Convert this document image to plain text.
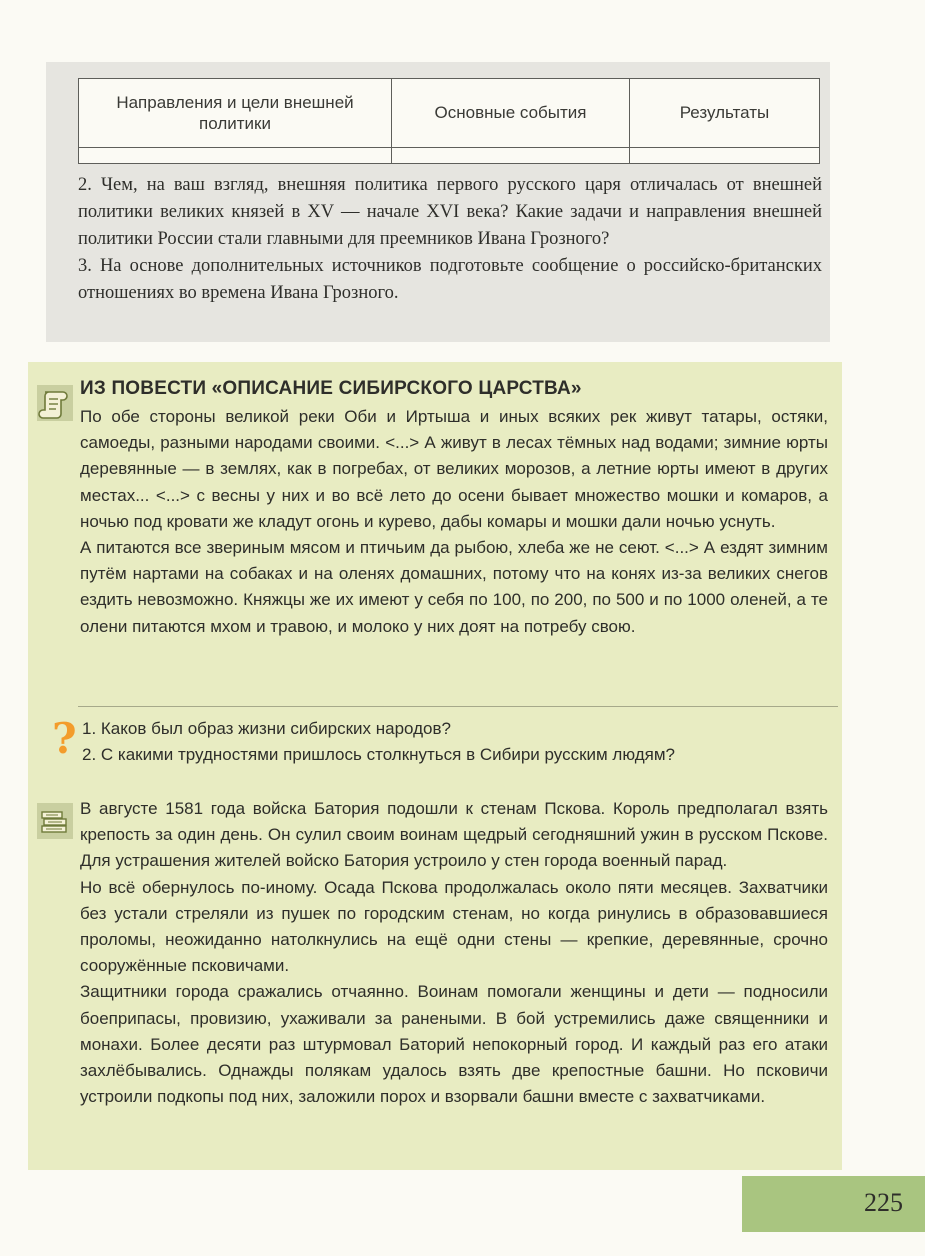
Направления и цели внешней политики	Основные события	Результаты

2. Чем, на ваш взгляд, внешняя политика первого русского царя отличалась от внешней политики великих князей в XV — начале XVI века? Какие задачи и направления внешней политики России стали главными для преемников Ивана Грозного?

3. На основе дополнительных источников подготовьте сообщение о российско-британских отношениях во времена Ивана Грозного.

ИЗ ПОВЕСТИ «ОПИСАНИЕ СИБИРСКОГО ЦАРСТВА»

По обе стороны великой реки Оби и Иртыша и иных всяких рек живут татары, остяки, самоеды, разными народами своими. <...> А живут в лесах тёмных над водами; зимние юрты деревянные — в землях, как в погребах, от великих морозов, а летние юрты имеют в других местах... <...> с весны у них и во всё лето до осени бывает множество мошки и комаров, а ночью под кровати же кладут огонь и курево, дабы комары и мошки дали ночью уснуть.

А питаются все звериным мясом и птичьим да рыбою, хлеба же не сеют. <...> А ездят зимним путём нартами на собаках и на оленях домашних, потому что на конях из-за великих снегов ездить невозможно. Княжцы же их имеют у себя по 100, по 200, по 500 и по 1000 оленей, а те олени питаются мхом и травою, и молоко у них доят на потребу свою.

? 1. Каков был образ жизни сибирских народов?

2. С какими трудностями пришлось столкнуться в Сибири русским людям?

В августе 1581 года войска Батория подошли к стенам Пскова. Король предполагал взять крепость за один день. Он сулил своим воинам щедрый сегодняшний ужин в русском Пскове. Для устрашения жителей войско Батория устроило у стен города военный парад.

Но всё обернулось по-иному. Осада Пскова продолжалась около пяти месяцев. Захватчики без устали стреляли из пушек по городским стенам, но когда ринулись в образовавшиеся проломы, неожиданно натолкнулись на ещё одни стены — крепкие, деревянные, срочно сооружённые псковичами.

Защитники города сражались отчаянно. Воинам помогали женщины и дети — подносили боеприпасы, провизию, ухаживали за ранеными. В бой устремились даже священники и монахи. Более десяти раз штурмовал Баторий непокорный город. И каждый раз его атаки захлёбывались. Однажды полякам удалось взять две крепостные башни. Но псковичи устроили подкопы под них, заложили порох и взорвали башни вместе с захватчиками.

225
